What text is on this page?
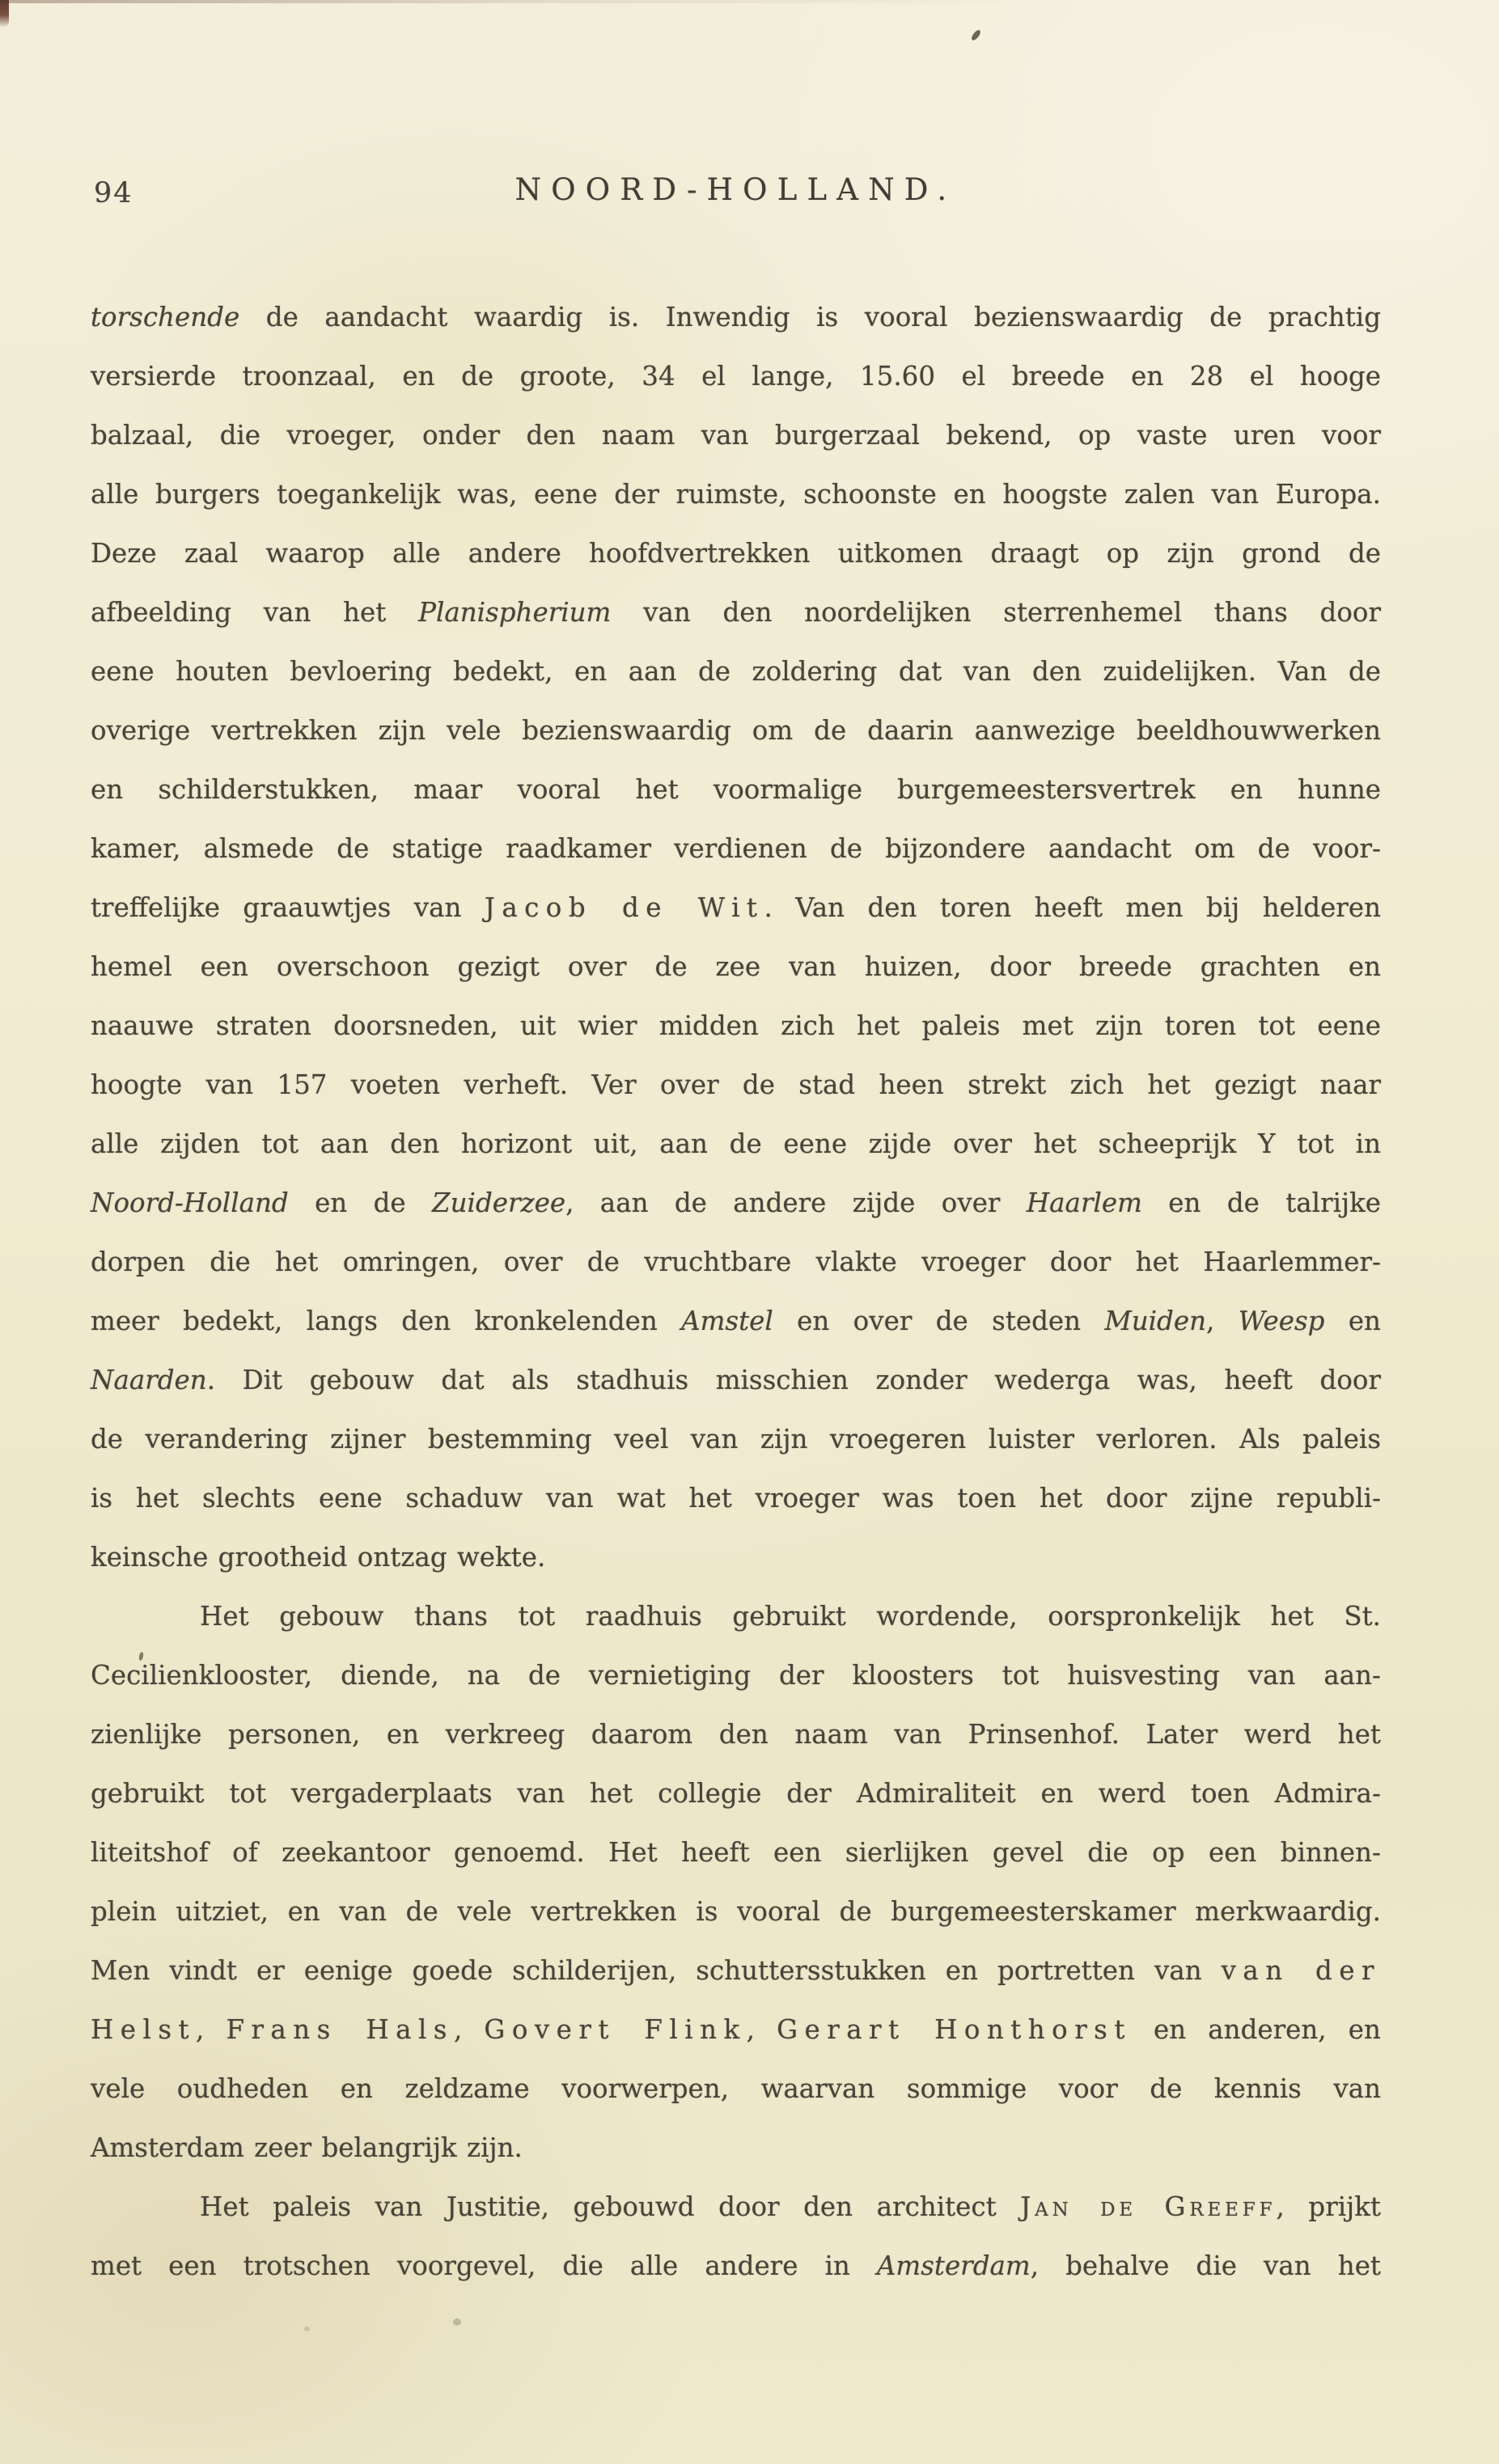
94	NOORD-HOLLAND.
torschende de aandacht waardig is. Inwendig is vooral bezienswaardig de prachtig
versierde troonzaal, en de groote, 34 el lange, 15.60 el breede en 28 el hooge
balzaal, die vroeger, onder den naam van burgerzaal bekend, op vaste uren voor
alle burgers toegankelijk was, eene der ruimste, schoonste en hoogste zalen van Europa.
Deze zaal waarop alle andere hoofdvertrekken uitkomen draagt op zijn grond de
afbeelding van het Planispherium van den noordelijken sterrenhemel thans door
eene houten bevloering bedekt, en aan de zoldering dat van den zuidelijken. Van de
overige vertrekken zijn vele bezienswaardig om de daarin aanwezige beeldhouwwerken
en schilderstukken, maar vooral het voormalige burgemeestersvertrek en hunne
kamer, alsmede de statige raadkamer verdienen de bijzondere aandacht om de voor-
treffelijke graauwtjes van Jacob de Wit. Van den toren heeft men bij helderen
hemel een overschoon gezigt over de zee van huizen, door breede grachten en
naauwe straten doorsneden, uit wier midden zich het paleis met zijn toren tot eene
hoogte van 157 voeten verheft. Ver over de stad heen strekt zich het gezigt naar
alle zijden tot aan den horizont uit, aan de eene zijde over het scheeprijk Y tot in
Noord-Holland en de Zuiderzee, aan de andere zijde over Haarlem en de talrijke
dorpen die het omringen, over de vruchtbare vlakte vroeger door het Haarlemmer-
meer bedekt, langs den kronkelenden Amstel en over de steden Muiden, Weesp en
Naarden. Dit gebouw dat als stadhuis misschien zonder wederga was, heeft door
de verandering zijner bestemming veel van zijn vroegeren luister verloren. Als paleis
is het slechts eene schaduw van wat het vroeger was toen het door zijne republi-
keinsche grootheid ontzag wekte.
Het gebouw thans tot raadhuis gebruikt wordende, oorspronkelijk het St.
Cecilienklooster, diende, na de vernietiging der kloosters tot huisvesting van aan-
zienlijke personen, en verkreeg daarom den naam van Prinsenhof. Later werd het
gebruikt tot vergaderplaats van het collegie der Admiraliteit en werd toen Admira-
liteitshof of zeekantoor genoemd. Het heeft een sierlijken gevel die op een binnen-
plein uitziet, en van de vele vertrekken is vooral de burgemeesterskamer merkwaardig.
Men vindt er eenige goede schilderijen, schuttersstukken en portretten van van der
Helst, Frans Hals, Govert Flink, Gerart Honthorst en anderen, en
vele oudheden en zeldzame voorwerpen, waarvan sommige voor de kennis van
Amsterdam zeer belangrijk zijn.
Het paleis van Justitie, gebouwd door den architect Jan de Greeff, prijkt
met een trotschen voorgevel, die alle andere in Amsterdam, behalve die van het
